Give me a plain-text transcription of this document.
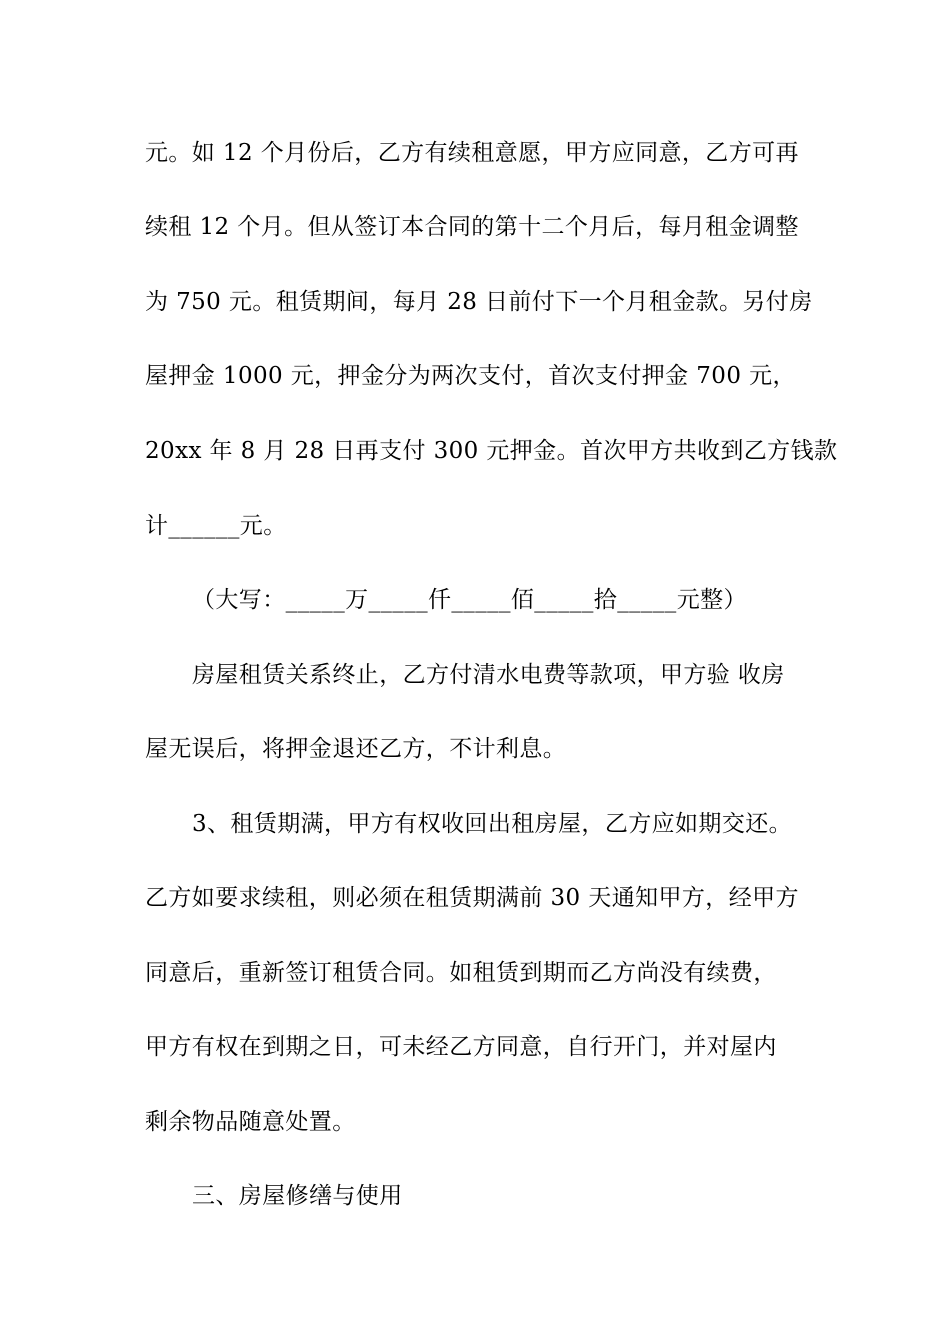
元。如 12 个月份后，乙方有续租意愿，甲方应同意，乙方可再
续租 12 个月。但从签订本合同的第十二个月后，每月租金调整
为 750 元。租赁期间，每月 28 日前付下一个月租金款。另付房
屋押金 1000 元，押金分为两次支付，首次支付押金 700 元，
20xx 年 8 月 28 日再支付 300 元押金。首次甲方共收到乙方钱款
计______元。
（大写：_____万_____仟_____佰_____拾_____元整）
房屋租赁关系终止，乙方付清水电费等款项，甲方验 收房
屋无误后，将押金退还乙方，不计利息。
3、租赁期满，甲方有权收回出租房屋，乙方应如期交还。
乙方如要求续租，则必须在租赁期满前 30 天通知甲方，经甲方
同意后，重新签订租赁合同。如租赁到期而乙方尚没有续费，
甲方有权在到期之日，可未经乙方同意，自行开门，并对屋内
剩余物品随意处置。
三、房屋修缮与使用
